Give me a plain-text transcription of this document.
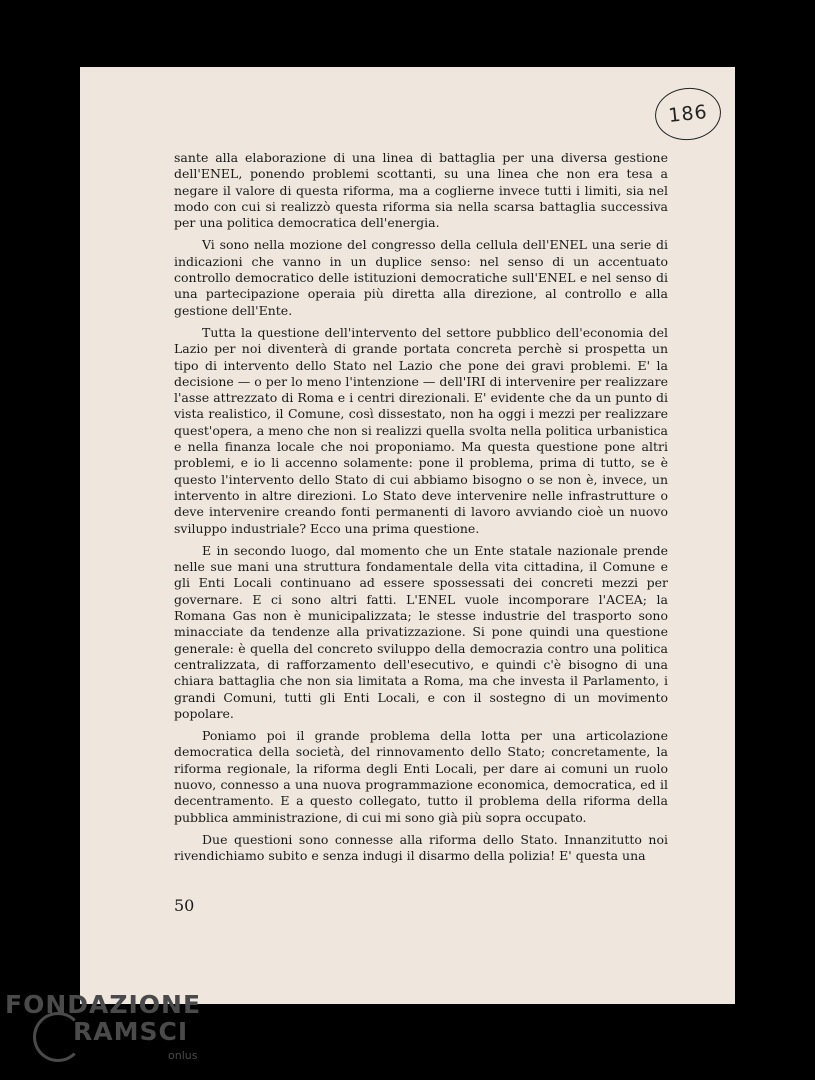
186

sante alla elaborazione di una linea di battaglia per una diversa gestione dell'ENEL, ponendo problemi scottanti, su una linea che non era tesa a negare il valore di questa riforma, ma a coglierne invece tutti i limiti, sia nel modo con cui si realizzò questa riforma sia nella scarsa battaglia successiva per una politica democratica dell'energia.

Vi sono nella mozione del congresso della cellula dell'ENEL una serie di indicazioni che vanno in un duplice senso: nel senso di un accentuato controllo democratico delle istituzioni democratiche sull'ENEL e nel senso di una partecipazione operaia più diretta alla direzione, al controllo e alla gestione dell'Ente.

Tutta la questione dell'intervento del settore pubblico dell'economia del Lazio per noi diventerà di grande portata concreta perchè si prospetta un tipo di intervento dello Stato nel Lazio che pone dei gravi problemi. E' la decisione — o per lo meno l'intenzione — dell'IRI di intervenire per realizzare l'asse attrezzato di Roma e i centri direzionali. E' evidente che da un punto di vista realistico, il Comune, così dissestato, non ha oggi i mezzi per realizzare quest'opera, a meno che non si realizzi quella svolta nella politica urbanistica e nella finanza locale che noi proponiamo. Ma questa questione pone altri problemi, e io li accenno solamente: pone il problema, prima di tutto, se è questo l'intervento dello Stato di cui abbiamo bisogno o se non è, invece, un intervento in altre direzioni. Lo Stato deve intervenire nelle infrastrutture o deve intervenire creando fonti permanenti di lavoro avviando cioè un nuovo sviluppo industriale? Ecco una prima questione.

E in secondo luogo, dal momento che un Ente statale nazionale prende nelle sue mani una struttura fondamentale della vita cittadina, il Comune e gli Enti Locali continuano ad essere spossessati dei concreti mezzi per governare. E ci sono altri fatti. L'ENEL vuole incomporare l'ACEA; la Romana Gas non è municipalizzata; le stesse industrie del trasporto sono minacciate da tendenze alla privatizzazione. Si pone quindi una questione generale: è quella del concreto sviluppo della democrazia contro una politica centralizzata, di rafforzamento dell'esecutivo, e quindi c'è bisogno di una chiara battaglia che non sia limitata a Roma, ma che investa il Parlamento, i grandi Comuni, tutti gli Enti Locali, e con il sostegno di un movimento popolare.

Poniamo poi il grande problema della lotta per una articolazione democratica della società, del rinnovamento dello Stato; concretamente, la riforma regionale, la riforma degli Enti Locali, per dare ai comuni un ruolo nuovo, connesso a una nuova programmazione economica, democratica, ed il decentramento. E a questo collegato, tutto il problema della riforma della pubblica amministrazione, di cui mi sono già più sopra occupato.

Due questioni sono connesse alla riforma dello Stato. Innanzitutto noi rivendichiamo subito e senza indugi il disarmo della polizia! E' questa una

50
FONDAZIONE
RAMSCI
onlus
